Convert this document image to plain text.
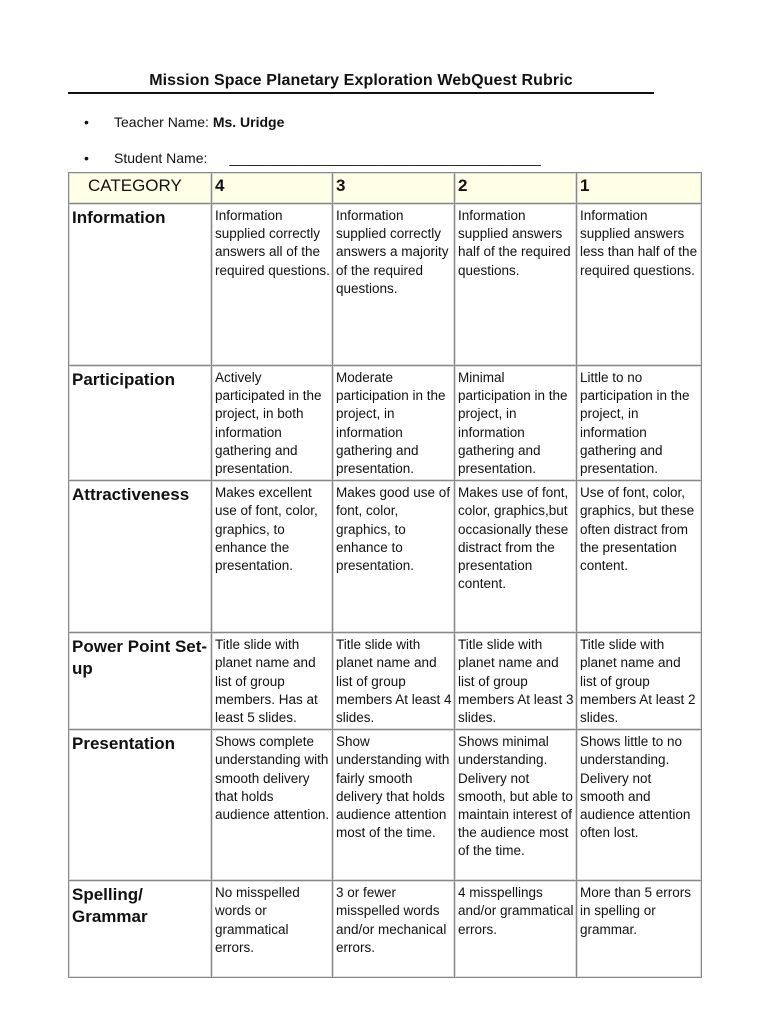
Mission Space Planetary Exploration WebQuest Rubric
• Teacher Name: Ms. Uridge
• Student Name: ________________________________________
CATEGORY	4	3	2	1
Information	Information supplied correctly answers all of the required questions.	Information supplied correctly answers a majority of the required questions.	Information supplied answers half of the required questions.	Information supplied answers less than half of the required questions.
Participation	Actively participated in the project, in both information gathering and presentation.	Moderate participation in the project, in information gathering and presentation.	Minimal participation in the project, in information gathering and presentation.	Little to no participation in the project, in information gathering and presentation.
Attractiveness	Makes excellent use of font, color, graphics, to enhance the presentation.	Makes good use of font, color, graphics, to enhance to presentation.	Makes use of font, color, graphics,but occasionally these distract from the presentation content.	Use of font, color, graphics, but these often distract from the presentation content.
Power Point Set-up	Title slide with planet name and list of group members. Has at least 5 slides.	Title slide with planet name and list of group members At least 4 slides.	Title slide with planet name and list of group members At least 3 slides.	Title slide with planet name and list of group members At least 2 slides.
Presentation	Shows complete understanding with smooth delivery that holds audience attention.	Show understanding with fairly smooth delivery that holds audience attention most of the time.	Shows minimal understanding. Delivery not smooth, but able to maintain interest of the audience most of the time.	Shows little to no understanding. Delivery not smooth and audience attention often lost.
Spelling/ Grammar	No misspelled words or grammatical errors.	3 or fewer misspelled words and/or mechanical errors.	4 misspellings and/or grammatical errors.	More than 5 errors in spelling or grammar.
